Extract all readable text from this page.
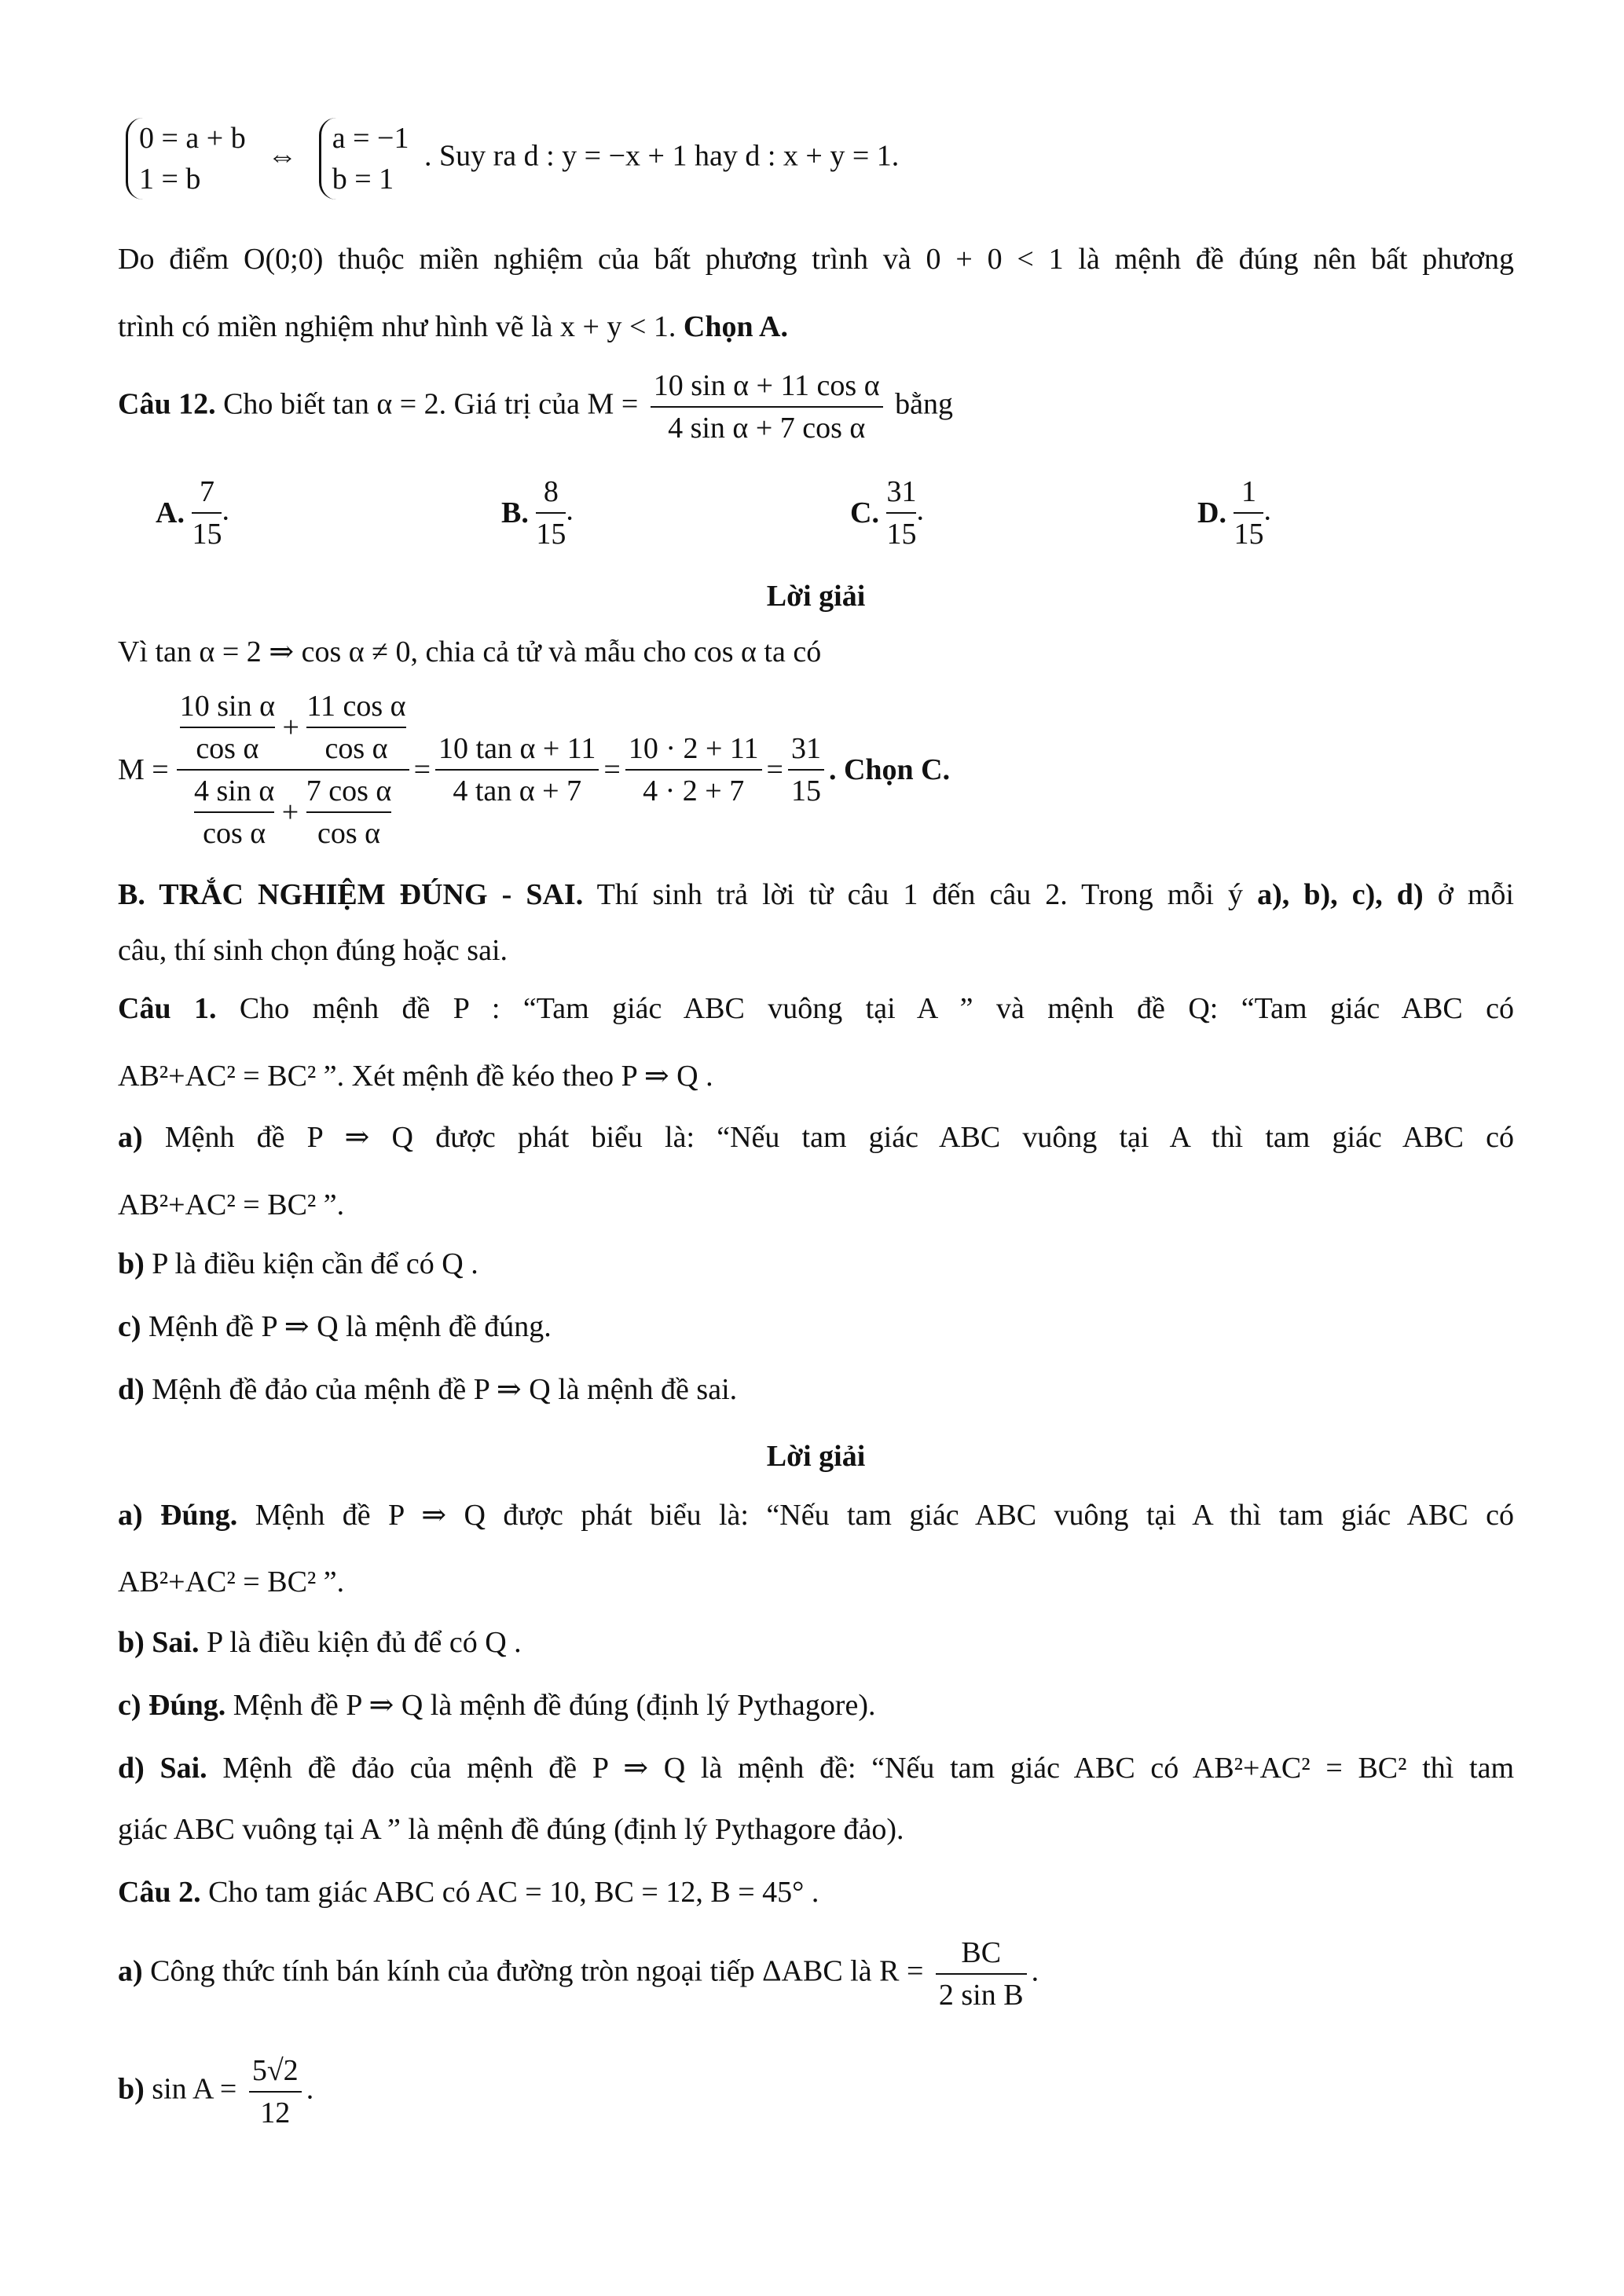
0 = a + b
1 = b
⇔
a = −1
b = 1
. Suy ra d : y = −x + 1 hay d : x + y = 1.
Do điểm O(0;0) thuộc miền nghiệm của bất phương trình và 0 + 0 < 1 là mệnh đề đúng nên bất phương
trình có miền nghiệm như hình vẽ là x + y < 1. Chọn A.
Câu 12. Cho biết tan α = 2. Giá trị của $M = \frac{\text{10 sin α + 11 cos α}}{\text{4 sin α + 7 cos α}}$ bằng
A. $\frac{7}{15}$ .	B. $\frac{8}{15}$ .	C. $\frac{31}{15}$ .	D. $\frac{1}{15}$ .
Lời giải
Vì tan α = 2 ⇒ cos α ≠ 0, chia cả tử và mẫu cho cos α ta có
$M = \frac{\frac{\text{10 sin α}}{\text{cos α}} + \frac{\text{11 cos α}}{\text{cos α}}}{\frac{\text{4 sin α}}{\text{cos α}} + \frac{\text{7 cos α}}{\text{cos α}}} = \frac{\text{10 tan α + 11}}{\text{4 tan α + 7}} = \frac{10 \cdot 2 + 11}{4 \cdot 2 + 7} = \frac{31}{15}$ . Chọn C.
B. TRẮC NGHIỆM ĐÚNG - SAI. Thí sinh trả lời từ câu 1 đến câu 2. Trong mỗi ý a), b), c), d) ở mỗi
câu, thí sinh chọn đúng hoặc sai.
Câu 1. Cho mệnh đề P : “Tam giác ABC vuông tại A ” và mệnh đề Q: “Tam giác ABC có
AB²+AC² = BC² ”. Xét mệnh đề kéo theo P ⇒ Q .
a) Mệnh đề P ⇒ Q được phát biểu là: “Nếu tam giác ABC vuông tại A thì tam giác ABC có
AB²+AC² = BC² ”.
b) P là điều kiện cần để có Q .
c) Mệnh đề P ⇒ Q là mệnh đề đúng.
d) Mệnh đề đảo của mệnh đề P ⇒ Q là mệnh đề sai.
Lời giải
a) Đúng. Mệnh đề P ⇒ Q được phát biểu là: “Nếu tam giác ABC vuông tại A thì tam giác ABC có
AB²+AC² = BC² ”.
b) Sai. P là điều kiện đủ để có Q .
c) Đúng. Mệnh đề P ⇒ Q là mệnh đề đúng (định lý Pythagore).
d) Sai. Mệnh đề đảo của mệnh đề P ⇒ Q là mệnh đề: “Nếu tam giác ABC có AB²+AC² = BC² thì tam
giác ABC vuông tại A ” là mệnh đề đúng (định lý Pythagore đảo).
Câu 2. Cho tam giác ABC có AC = 10, BC = 12, B = 45° .
a) Công thức tính bán kính của đường tròn ngoại tiếp ΔABC là $R = \frac{BC}{\text{2 sin B}}$ .
b) $\sin A = \frac{5√2}{12}$ .
